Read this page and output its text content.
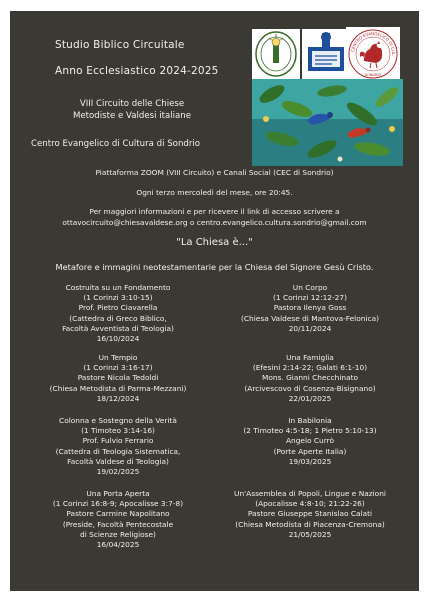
Studio Biblico Circuitale
Anno Ecclesiastico 2024-2025
VIII Circuito delle Chiese
Metodiste e Valdesi italiane
Centro Evangelico di Cultura di Sondrio
CENTRO EVANGELICO DI CUL
SONDRIO
Piattaforma ZOOM (VIII Circuito) e Canali Social (CEC di Sondrio)
Ogni terzo mercoledì del mese, ore 20:45.
Per maggiori informazioni e per ricevere il link di accesso scrivere a
ottavocircuito@chiesavaldese.org o centro.evangelico.cultura.sondrio@gmail.com
"La Chiesa è..."
Metafore e immagini neotestamentarie per la Chiesa del Signore Gesù Cristo.
Costruita su un Fondamento
(1 Corinzi 3:10-15)
Prof. Pietro Ciavarella
(Cattedra di Greco Biblico,
Facoltà Avventista di Teologia)
16/10/2024
Un Corpo
(1 Corinzi 12:12-27)
Pastora Ilenya Goss
(Chiesa Valdese di Mantova-Felonica)
20/11/2024
Un Tempio
(1 Corinzi 3:16-17)
Pastore Nicola Tedoldi
(Chiesa Metodista di Parma-Mezzani)
18/12/2024
Una Famiglia
(Efesini 2:14-22; Galati 6:1-10)
Mons. Gianni Checchinato
(Arcivescovo di Cosenza-Bisignano)
22/01/2025
Colonna e Sostegno della Verità
(1 Timoteo 3:14-16)
Prof. Fulvio Ferrario
(Cattedra di Teologia Sistematica,
Facoltà Valdese di Teologia)
19/02/2025
In Babilonia
(2 Timoteo 4:5-18; 1 Pietro 5:10-13)
Angelo Currò
(Porte Aperte Italia)
19/03/2025
Una Porta Aperta
(1 Corinzi 16:8-9; Apocalisse 3:7-8)
Pastore Carmine Napolitano
(Preside, Facoltà Pentecostale
di Scienze Religiose)
16/04/2025
Un'Assemblea di Popoli, Lingue e Nazioni
(Apocalisse 4:8-10; 21:22-26)
Pastore Giuseppe Stanislao Calati
(Chiesa Metodista di Piacenza-Cremona)
21/05/2025
